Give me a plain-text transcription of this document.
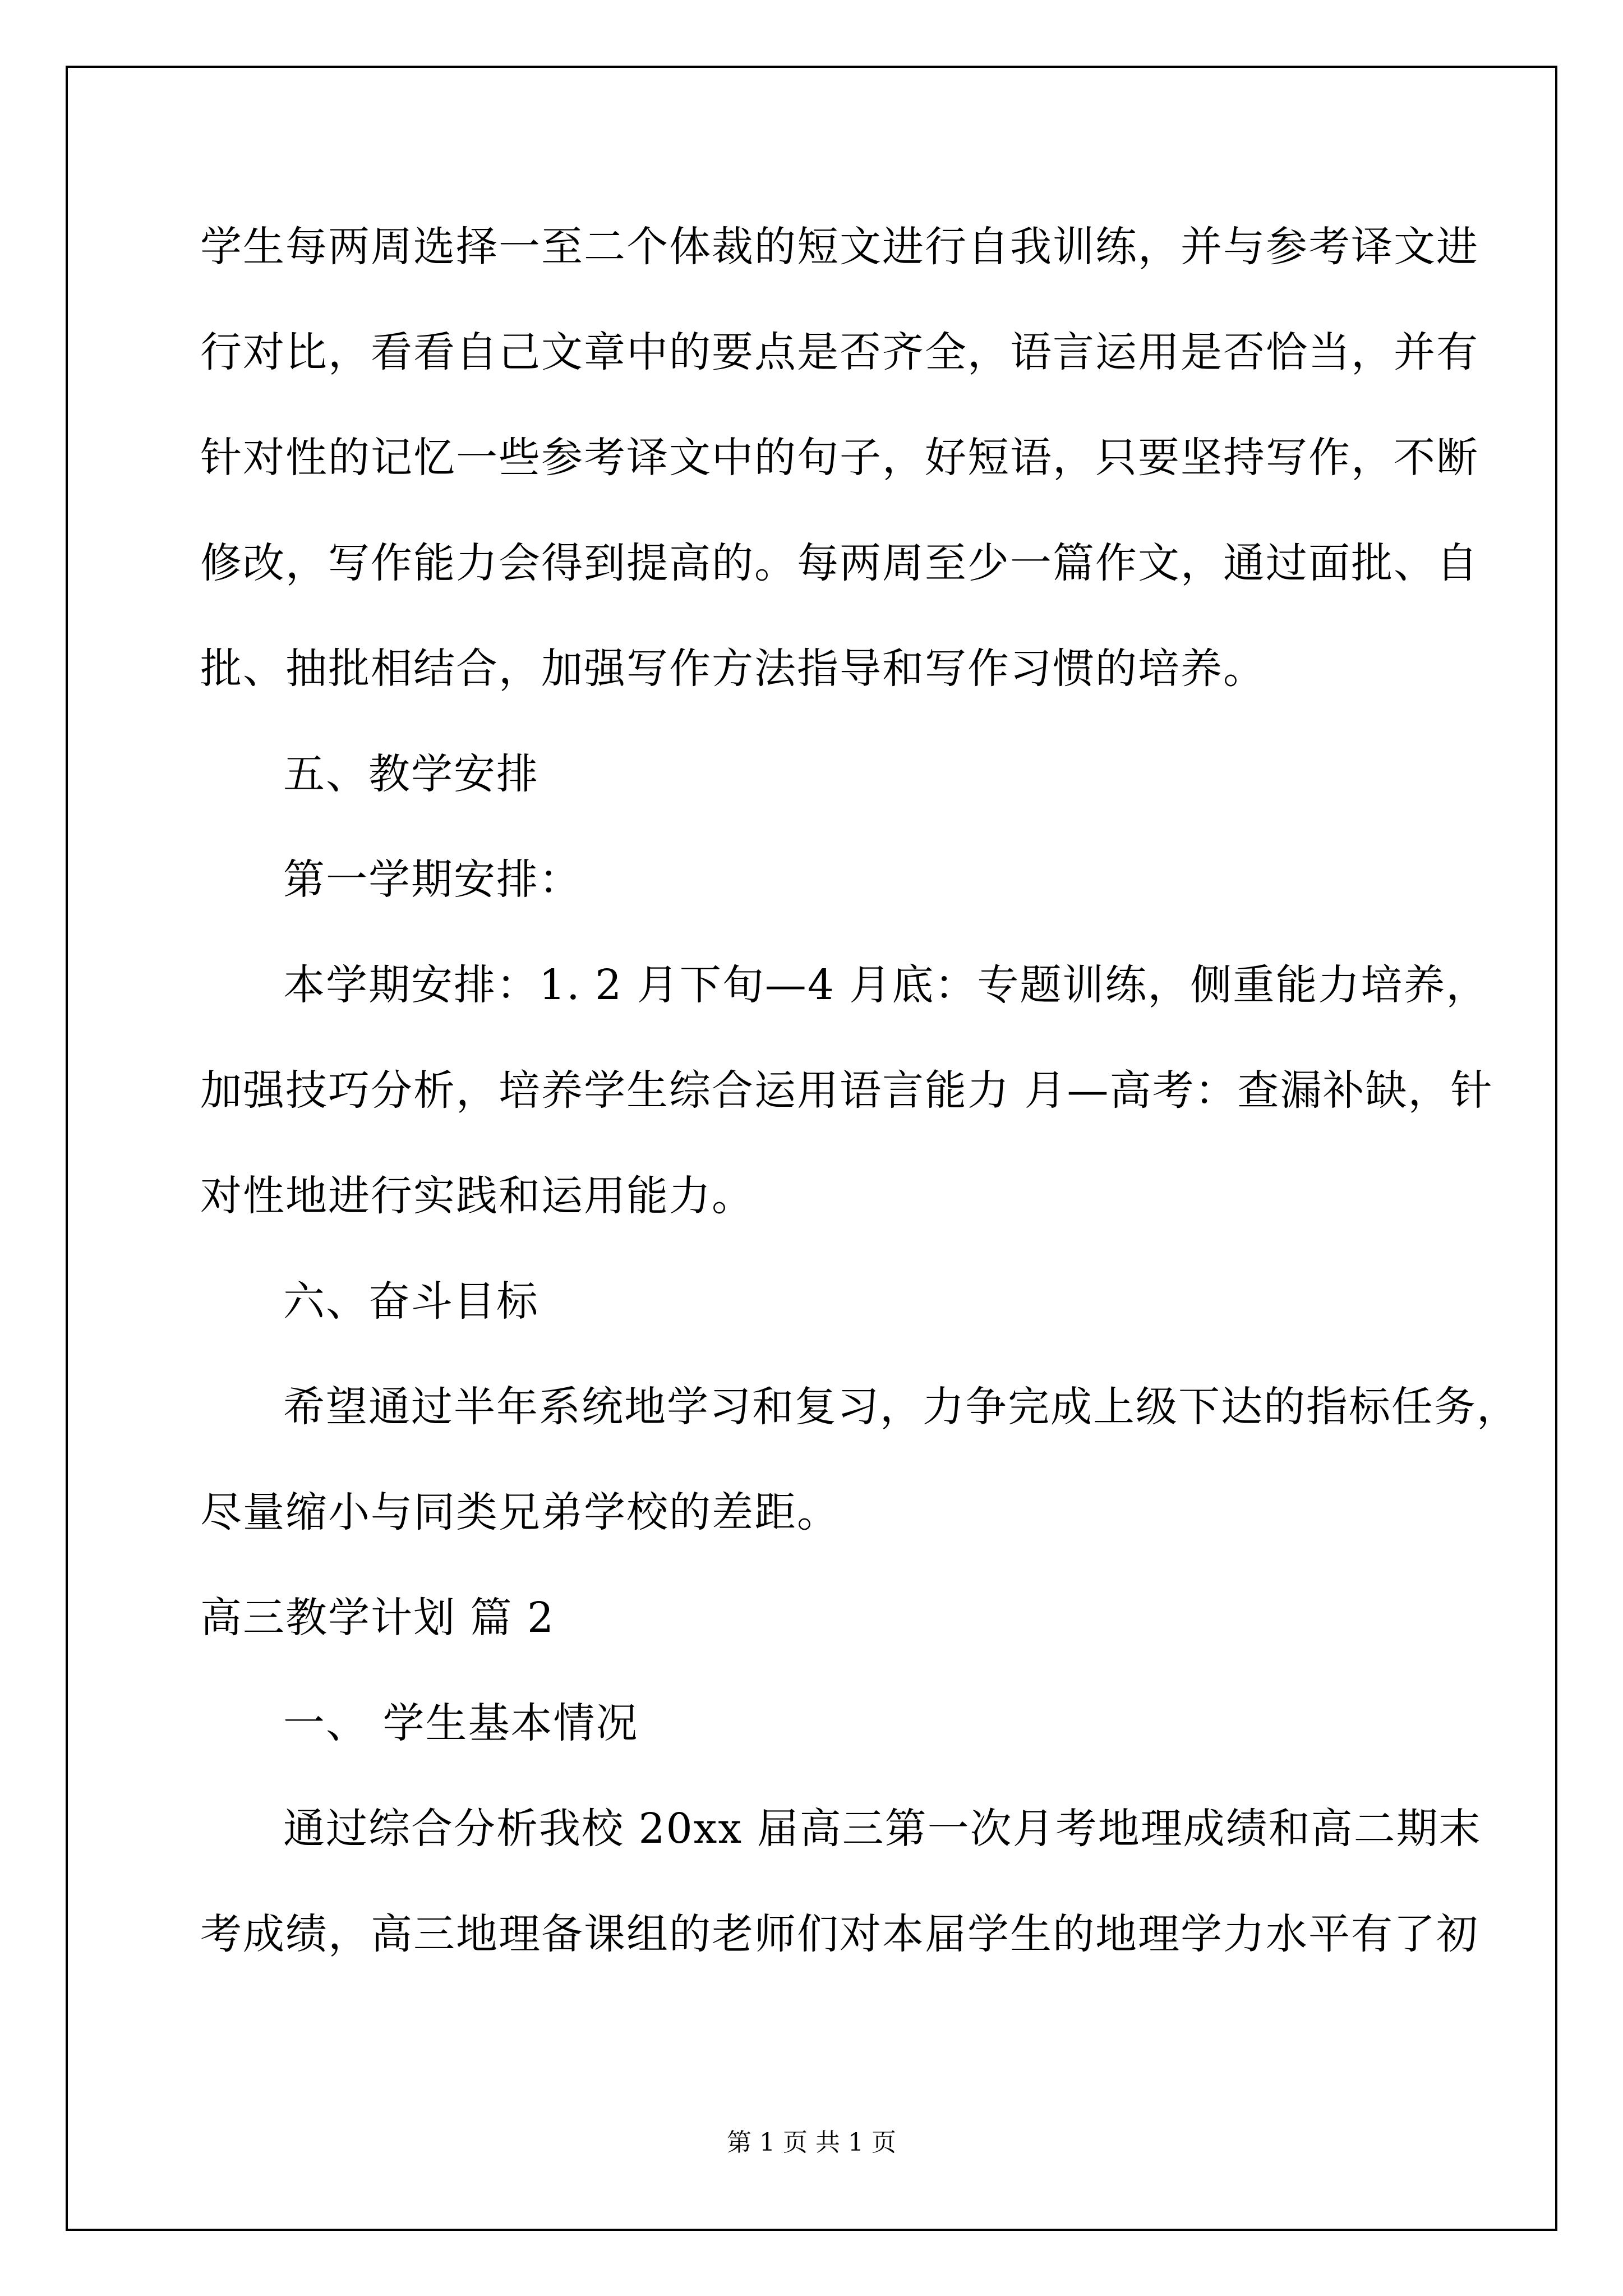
学生每两周选择一至二个体裁的短文进行自我训练，并与参考译文进
行对比，看看自己文章中的要点是否齐全，语言运用是否恰当，并有
针对性的记忆一些参考译文中的句子，好短语，只要坚持写作，不断
修改，写作能力会得到提高的。每两周至少一篇作文，通过面批、自
批、抽批相结合，加强写作方法指导和写作习惯的培养。
五、教学安排
第一学期安排：
本学期安排：1. 2 月下旬—4 月底：专题训练，侧重能力培养，
加强技巧分析，培养学生综合运用语言能力 月—高考：查漏补缺，针
对性地进行实践和运用能力。
六、奋斗目标
希望通过半年系统地学习和复习，力争完成上级下达的指标任务，
尽量缩小与同类兄弟学校的差距。
高三教学计划 篇 2
一、 学生基本情况
通过综合分析我校 20xx 届高三第一次月考地理成绩和高二期末
考成绩，高三地理备课组的老师们对本届学生的地理学力水平有了初
第 1 页 共 1 页
